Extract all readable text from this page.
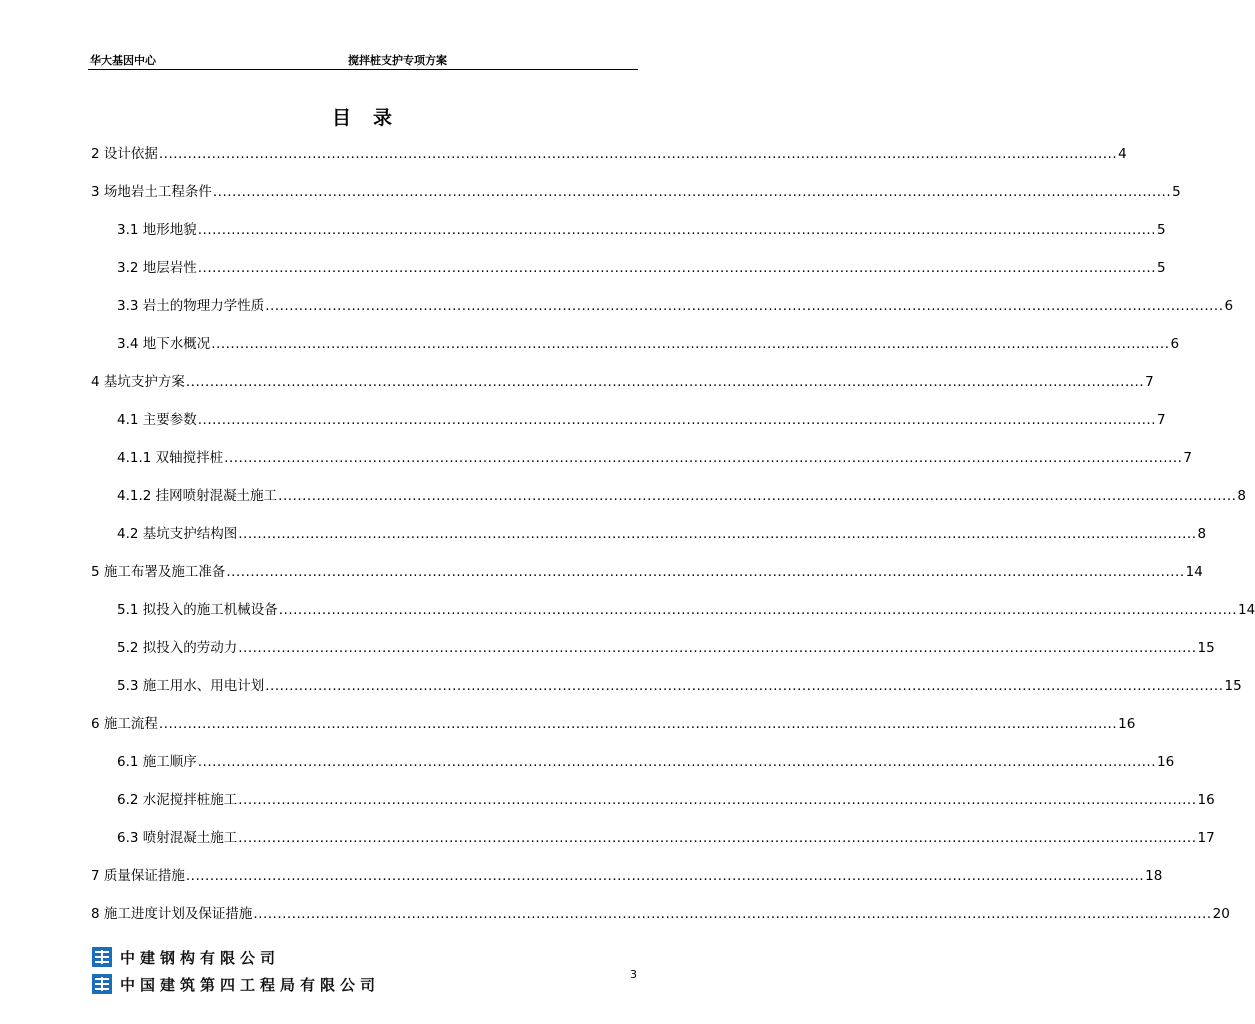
华大基因中心	搅拌桩支护专项方案
目录
2 设计依据 ........................................................................................................................................................................................................ 4
3 场地岩土工程条件 ........................................................................................................................................................................................................ 5
3.1 地形地貌 ........................................................................................................................................................................................................ 5
3.2 地层岩性 ........................................................................................................................................................................................................ 5
3.3 岩土的物理力学性质 ........................................................................................................................................................................................................ 6
3.4 地下水概况 ........................................................................................................................................................................................................ 6
4 基坑支护方案 ........................................................................................................................................................................................................ 7
4.1 主要参数 ........................................................................................................................................................................................................ 7
4.1.1 双轴搅拌桩 ........................................................................................................................................................................................................ 7
4.1.2 挂网喷射混凝土施工 ........................................................................................................................................................................................................ 8
4.2 基坑支护结构图 ........................................................................................................................................................................................................ 8
5 施工布署及施工准备 ........................................................................................................................................................................................................ 14
5.1 拟投入的施工机械设备 ........................................................................................................................................................................................................ 14
5.2 拟投入的劳动力 ........................................................................................................................................................................................................ 15
5.3 施工用水、用电计划 ........................................................................................................................................................................................................ 15
6 施工流程 ........................................................................................................................................................................................................ 16
6.1 施工顺序 ........................................................................................................................................................................................................ 16
6.2 水泥搅拌桩施工 ........................................................................................................................................................................................................ 16
6.3 喷射混凝土施工 ........................................................................................................................................................................................................ 17
7 质量保证措施 ........................................................................................................................................................................................................ 18
8 施工进度计划及保证措施 ........................................................................................................................................................................................................ 20
中建钢构有限公司
中国建筑第四工程局有限公司
3
